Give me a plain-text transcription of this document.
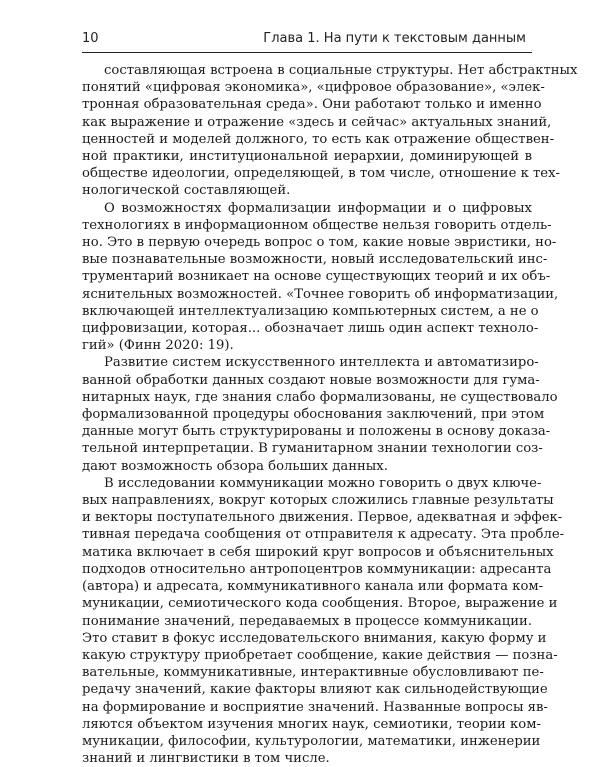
10	Глава 1. На пути к текстовым данным
составляющая встроена в социальные структуры. Нет абстрактных
понятий «цифровая экономика», «цифровое образование», «элек-
тронная образовательная среда». Они работают только и именно
как выражение и отражение «здесь и сейчас» актуальных знаний,
ценностей и моделей должного, то есть как отражение обществен-
ной практики, институциональной иерархии, доминирующей в
обществе идеологии, определяющей, в том числе, отношение к тех-
нологической составляющей.
О возможностях формализации информации и о цифровых
технологиях в информационном обществе нельзя говорить отдель-
но. Это в первую очередь вопрос о том, какие новые эвристики, но-
вые познавательные возможности, новый исследовательский инс-
трументарий возникает на основе существующих теорий и их объ-
яснительных возможностей. «Точнее говорить об информатизации,
включающей интеллектуализацию компьютерных систем, а не о
цифровизации, которая... обозначает лишь один аспект техноло-
гий» (Финн 2020: 19).
Развитие систем искусственного интеллекта и автоматизиро-
ванной обработки данных создают новые возможности для гума-
нитарных наук, где знания слабо формализованы, не существовало
формализованной процедуры обоснования заключений, при этом
данные могут быть структурированы и положены в основу доказа-
тельной интерпретации. В гуманитарном знании технологии соз-
дают возможность обзора больших данных.
В исследовании коммуникации можно говорить о двух ключе-
вых направлениях, вокруг которых сложились главные результаты
и векторы поступательного движения. Первое, адекватная и эффек-
тивная передача сообщения от отправителя к адресату. Эта пробле-
матика включает в себя широкий круг вопросов и объяснительных
подходов относительно антропоцентров коммуникации: адресанта
(автора) и адресата, коммуникативного канала или формата ком-
муникации, семиотического кода сообщения. Второе, выражение и
понимание значений, передаваемых в процессе коммуникации.
Это ставит в фокус исследовательского внимания, какую форму и
какую структуру приобретает сообщение, какие действия — позна-
вательные, коммуникативные, интерактивные обусловливают пе-
редачу значений, какие факторы влияют как сильнодействующие
на формирование и восприятие значений. Названные вопросы яв-
ляются объектом изучения многих наук, семиотики, теории ком-
муникации, философии, культурологии, математики, инженерии
знаний и лингвистики в том числе.
